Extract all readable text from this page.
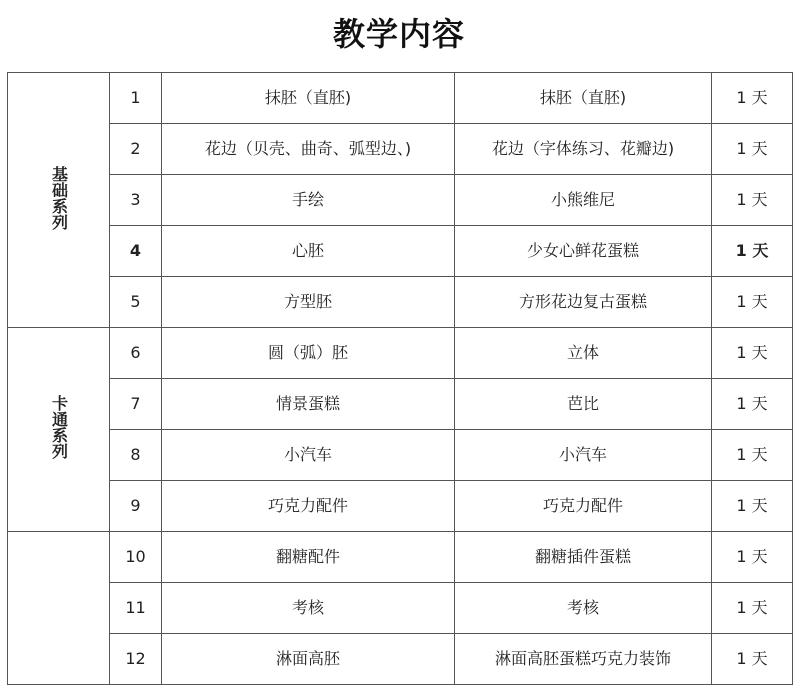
教学内容
基础系列	1	抹胚（直胚)	抹胚（直胚)	1 天
	2	花边（贝壳、曲奇、弧型边、)	花边（字体练习、花瓣边)	1 天
	3	手绘	小熊维尼	1 天
	4	心胚	少女心鲜花蛋糕	1 天
	5	方型胚	方形花边复古蛋糕	1 天
卡通系列	6	圆（弧）胚	立体	1 天
	7	情景蛋糕	芭比	1 天
	8	小汽车	小汽车	1 天
	9	巧克力配件	巧克力配件	1 天
	10	翻糖配件	翻糖插件蛋糕	1 天
	11	考核	考核	1 天
	12	淋面高胚	淋面高胚蛋糕巧克力装饰	1 天
